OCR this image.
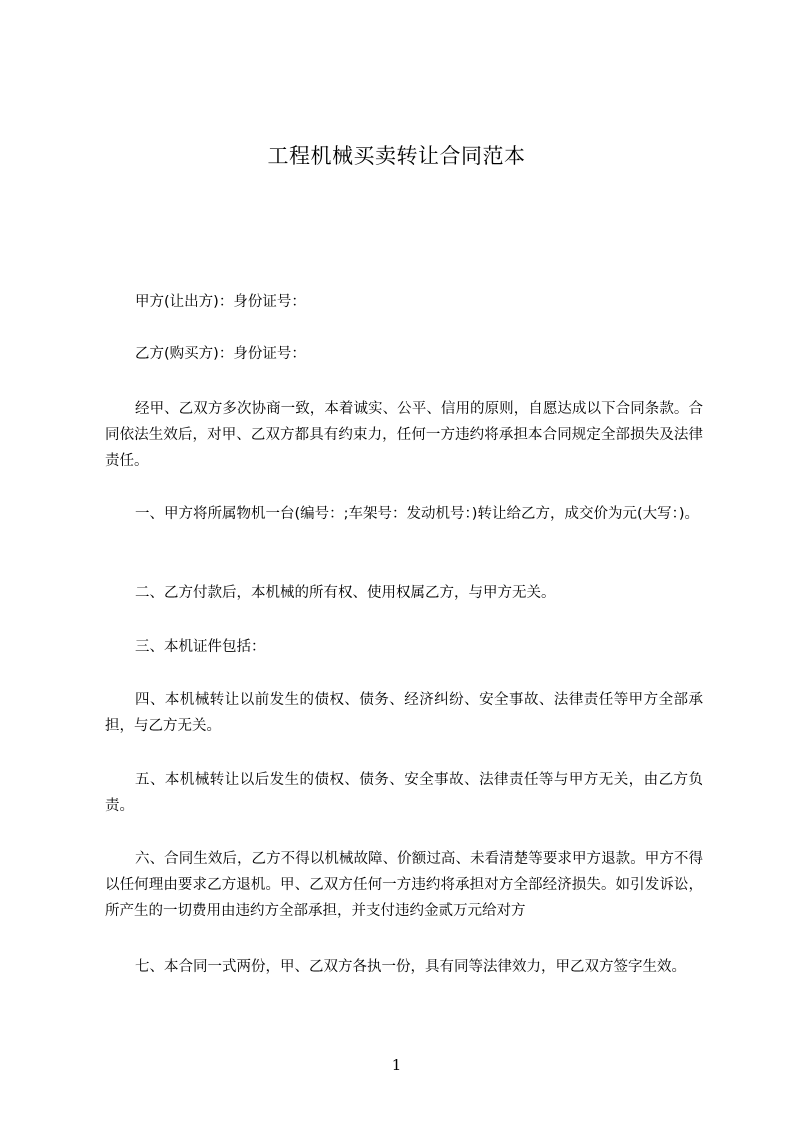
工程机械买卖转让合同范本

甲方(让出方)：身份证号：

乙方(购买方)：身份证号：

经甲、乙双方多次协商一致，本着诚实、公平、信用的原则，自愿达成以下合同条款。合同依法生效后，对甲、乙双方都具有约束力，任何一方违约将承担本合同规定全部损失及法律责任。

一、甲方将所属物机一台(编号：;车架号：发动机号：)转让给乙方，成交价为元(大写：)。

二、乙方付款后，本机械的所有权、使用权属乙方，与甲方无关。

三、本机证件包括：

四、本机械转让以前发生的债权、债务、经济纠纷、安全事故、法律责任等甲方全部承担，与乙方无关。

五、本机械转让以后发生的债权、债务、安全事故、法律责任等与甲方无关，由乙方负责。

六、合同生效后，乙方不得以机械故障、价额过高、未看清楚等要求甲方退款。甲方不得以任何理由要求乙方退机。甲、乙双方任何一方违约将承担对方全部经济损失。如引发诉讼，所产生的一切费用由违约方全部承担，并支付违约金贰万元给对方

七、本合同一式两份，甲、乙双方各执一份，具有同等法律效力，甲乙双方签字生效。

1
